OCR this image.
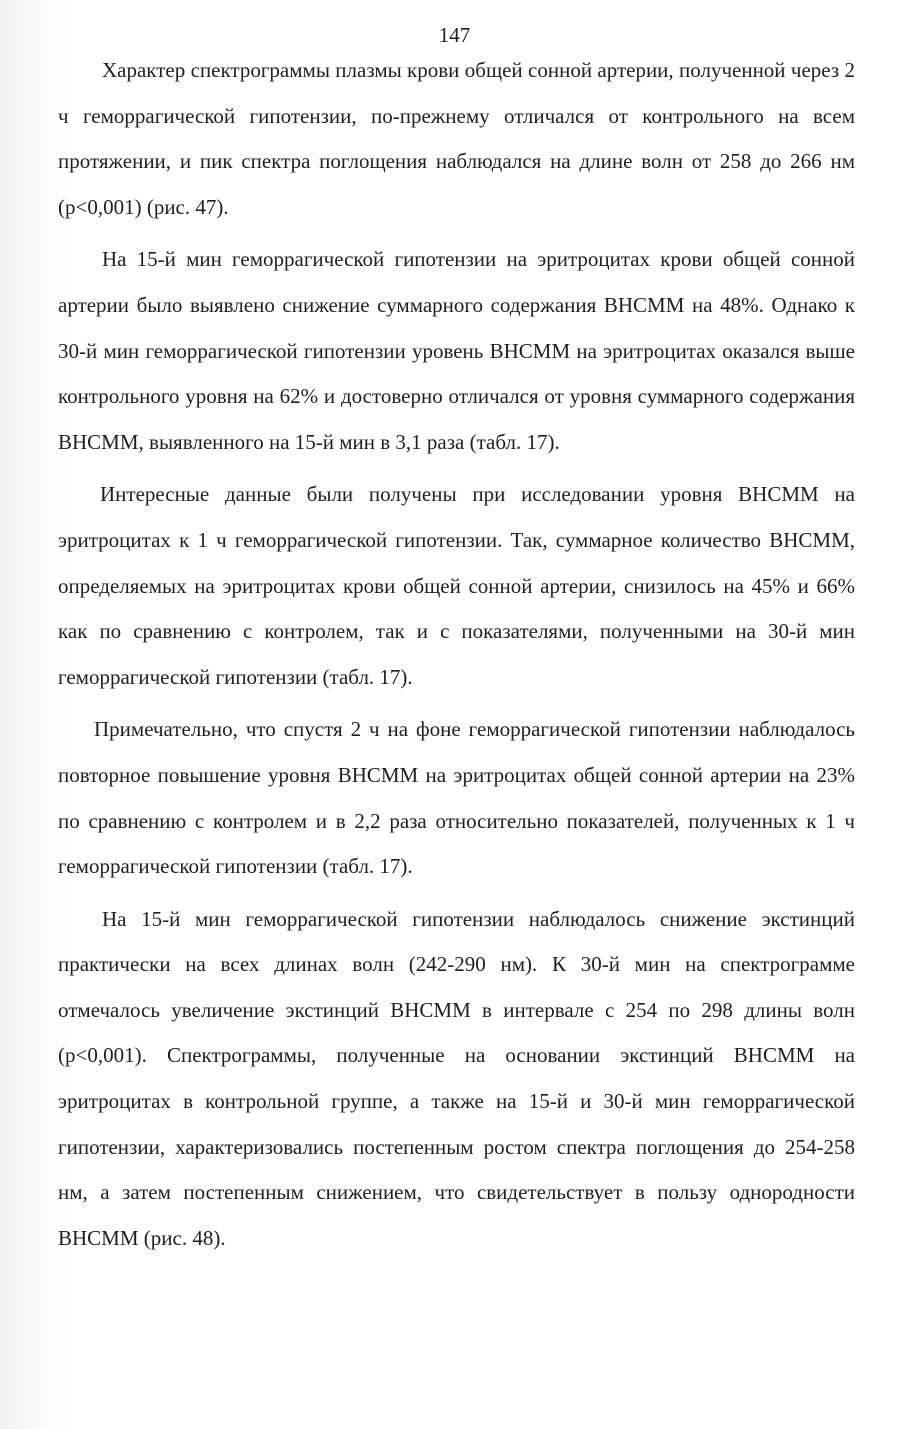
147

Характер спектрограммы плазмы крови общей сонной артерии, полученной через 2 ч геморрагической гипотензии, по-прежнему отличался от контрольного на всем протяжении, и пик спектра поглощения наблюдался на длине волн от 258 до 266 нм (p<0,001) (рис. 47).

На 15-й мин геморрагической гипотензии на эритроцитах крови общей сонной артерии было выявлено снижение суммарного содержания ВНСММ на 48%. Однако к 30-й мин геморрагической гипотензии уровень ВНСММ на эритроцитах оказался выше контрольного уровня на 62% и достоверно отличался от уровня суммарного содержания ВНСММ, выявленного на 15-й мин в 3,1 раза (табл. 17).

Интересные данные были получены при исследовании уровня ВНСММ на эритроцитах к 1 ч геморрагической гипотензии. Так, суммарное количество ВНСММ, определяемых на эритроцитах крови общей сонной артерии, снизилось на 45% и 66% как по сравнению с контролем, так и с показателями, полученными на 30-й мин геморрагической гипотензии (табл. 17).

Примечательно, что спустя 2 ч на фоне геморрагической гипотензии наблюдалось повторное повышение уровня ВНСММ на эритроцитах общей сонной артерии на 23% по сравнению с контролем и в 2,2 раза относительно показателей, полученных к 1 ч геморрагической гипотензии (табл. 17).

На 15-й мин геморрагической гипотензии наблюдалось снижение экстинций практически на всех длинах волн (242-290 нм). К 30-й мин на спектрограмме отмечалось увеличение экстинций ВНСММ в интервале с 254 по 298 длины волн (p<0,001). Спектрограммы, полученные на основании экстинций ВНСММ на эритроцитах в контрольной группе, а также на 15-й и 30-й мин геморрагической гипотензии, характеризовались постепенным ростом спектра поглощения до 254-258 нм, а затем постепенным снижением, что свидетельствует в пользу однородности ВНСММ (рис. 48).
